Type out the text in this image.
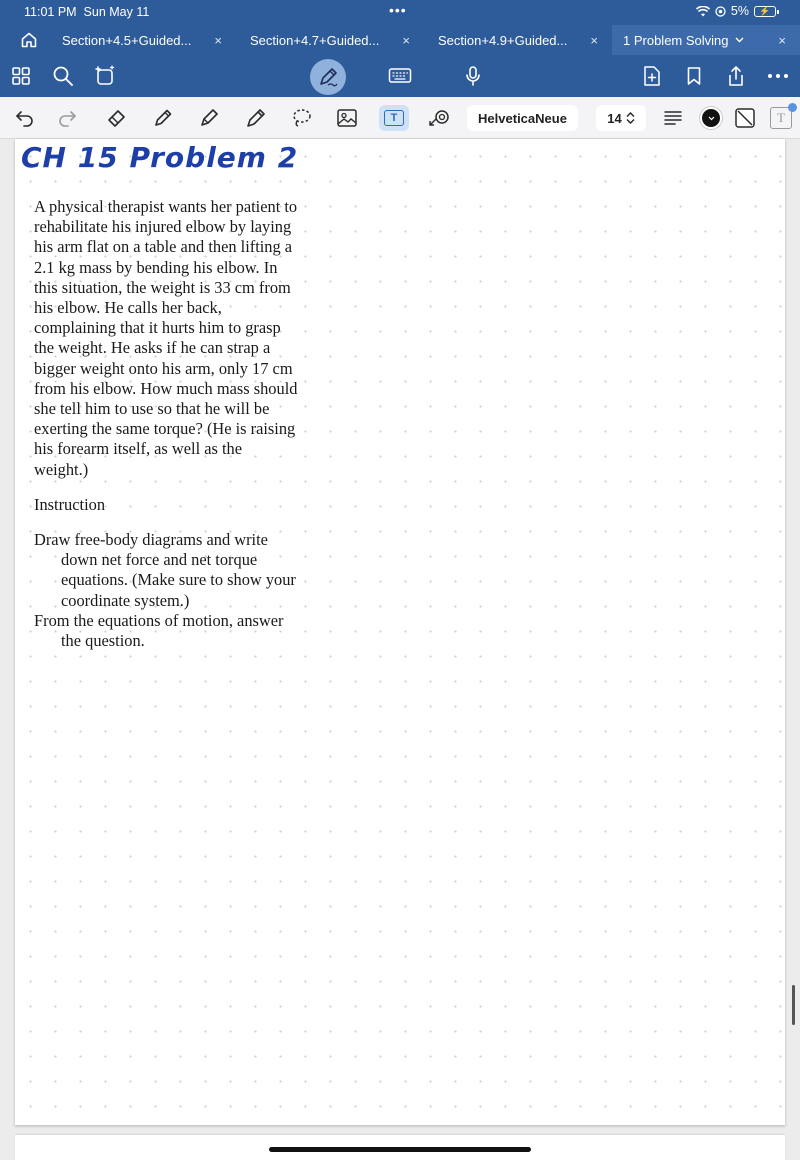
11:01 PM Sun May 11	•••	5%	⚡
Section+4.5+Guided... × Section+4.7+Guided... × Section+4.9+Guided... × 1 Problem Solving	×
T	HelveticaNeue	14	T
CH 15 Problem 2

A physical therapist wants her patient to
rehabilitate his injured elbow by laying
his arm flat on a table and then lifting a
2.1 kg mass by bending his elbow. In
this situation, the weight is 33 cm from
his elbow. He calls her back,
complaining that it hurts him to grasp
the weight. He asks if he can strap a
bigger weight onto his arm, only 17 cm
from his elbow. How much mass should
she tell him to use so that he will be
exerting the same torque? (He is raising
his forearm itself, as well as the
weight.)

Instruction

Draw free-body diagrams and write
down net force and net torque
equations. (Make sure to show your
coordinate system.)
From the equations of motion, answer
the question.
